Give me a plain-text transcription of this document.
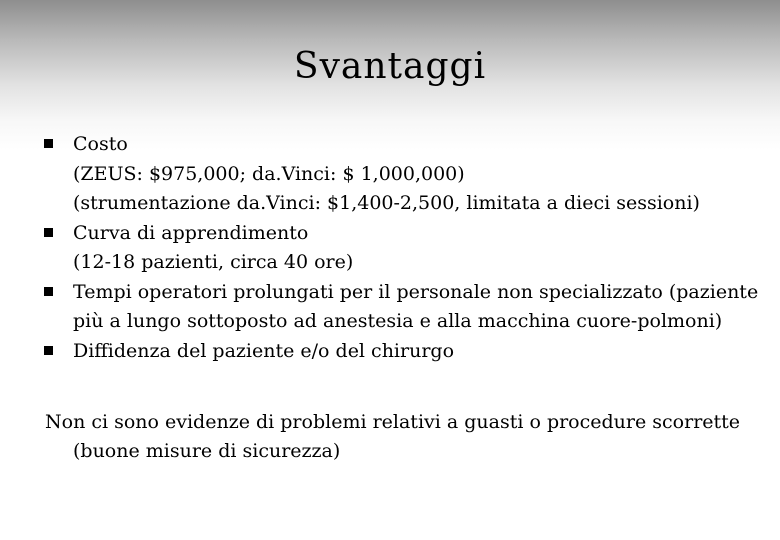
Svantaggi
Costo
(ZEUS: $975,000; da.Vinci: $ 1,000,000)
(strumentazione da.Vinci: $1,400-2,500, limitata a dieci sessioni)
Curva di apprendimento
(12-18 pazienti, circa 40 ore)
Tempi operatori prolungati per il personale non specializzato (paziente
più a lungo sottoposto ad anestesia e alla macchina cuore-polmoni)
Diffidenza del paziente e/o del chirurgo

Non ci sono evidenze di problemi relativi a guasti o procedure scorrette
(buone misure di sicurezza)
